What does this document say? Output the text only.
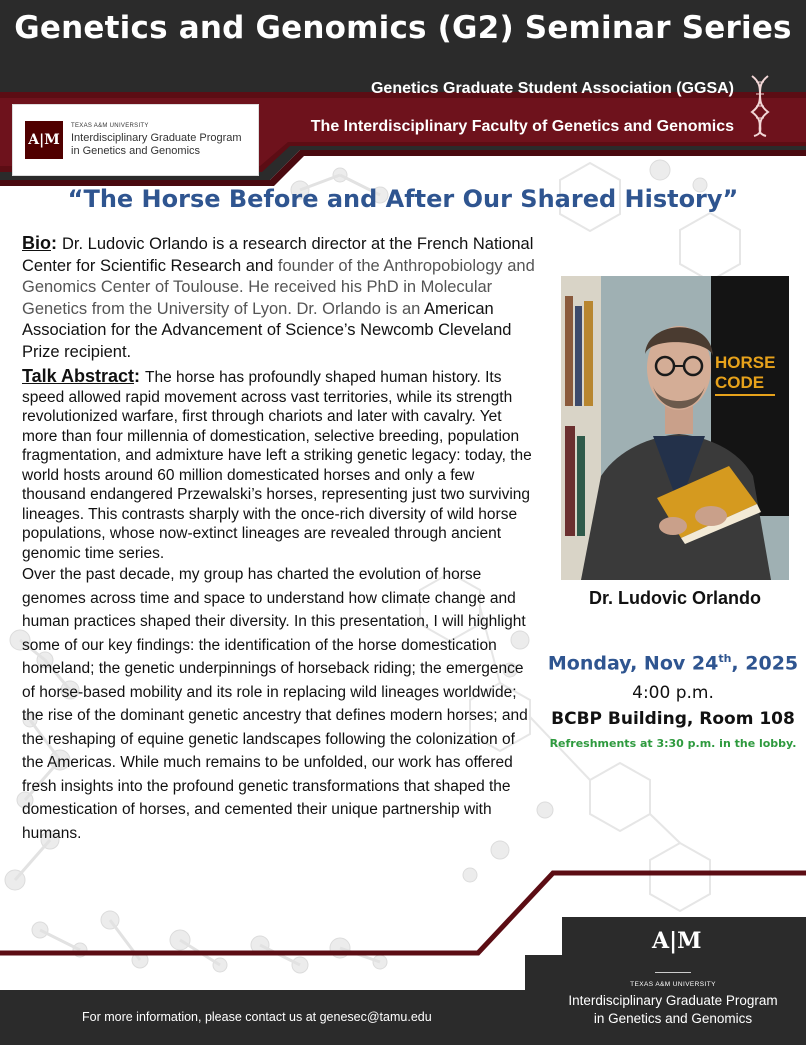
Genetics and Genomics (G2) Seminar Series
Genetics Graduate Student Association (GGSA)
The Interdisciplinary Faculty of Genetics and Genomics
A|M
TEXAS A&M UNIVERSITY
Interdisciplinary Graduate Program
in Genetics and Genomics
“The Horse Before and After Our Shared History”

Bio: Dr. Ludovic Orlando is a research director at the French National Center for Scientific Research and founder of the Anthropobiology and Genomics Center of Toulouse. He received his PhD in Molecular Genetics from the University of Lyon. Dr. Orlando is an American Association for the Advancement of Science’s Newcomb Cleveland Prize recipient.

Talk Abstract: The horse has profoundly shaped human history. Its speed allowed rapid movement across vast territories, while its strength revolutionized warfare, first through chariots and later with cavalry. Yet more than four millennia of domestication, selective breeding, population fragmentation, and admixture have left a striking genetic legacy: today, the world hosts around 60 million domesticated horses and only a few thousand endangered Przewalski’s horses, representing just two surviving lineages. This contrasts sharply with the once-rich diversity of wild horse populations, whose now-extinct lineages are revealed through ancient genomic time series.

Over the past decade, my group has charted the evolution of horse genomes across time and space to understand how climate change and human practices shaped their diversity. In this presentation, I will highlight some of our key findings: the identification of the horse domestication homeland; the genetic underpinnings of horseback riding; the emergence of horse-based mobility and its role in replacing wild lineages worldwide; the rise of the dominant genetic ancestry that defines modern horses; and the reshaping of equine genetic landscapes following the colonization of the Americas. While much remains to be unfolded, our work has offered fresh insights into the profound genetic transformations that shaped the domestication of horses, and cemented their unique partnership with humans.

HORSE
CODE
Dr. Ludovic Orlando
Monday, Nov 24th, 2025
4:00 p.m.
BCBP Building, Room 108
Refreshments at 3:30 p.m. in the lobby.
For more information, please contact us at genesec@tamu.edu
A|M
TEXAS A&M UNIVERSITY
Interdisciplinary Graduate Program
in Genetics and Genomics
